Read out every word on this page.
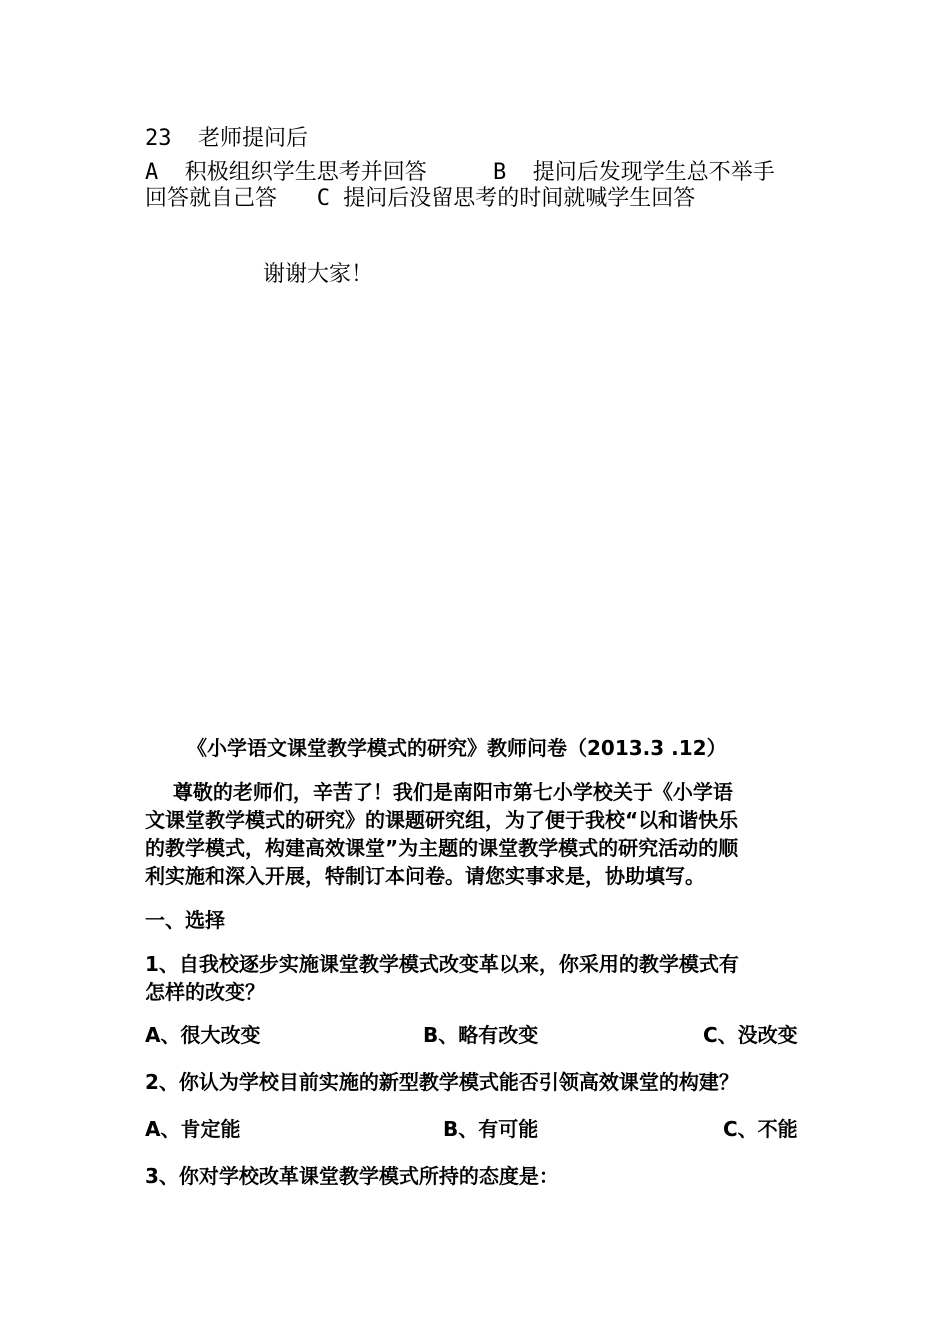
23  老师提问后
A  积极组织学生思考并回答     B  提问后发现学生总不举手
回答就自己答   C 提问后没留思考的时间就喊学生回答
谢谢大家！
《小学语文课堂教学模式的研究》教师问卷（2013.3 .12）
尊敬的老师们，辛苦了！我们是南阳市第七小学校关于《小学语
文课堂教学模式的研究》的课题研究组，为了便于我校“以和谐快乐
的教学模式，构建高效课堂”为主题的课堂教学模式的研究活动的顺
利实施和深入开展，特制订本问卷。请您实事求是，协助填写。
一、选择
1、自我校逐步实施课堂教学模式改变革以来，你采用的教学模式有
怎样的改变？
A、很大改变	B、略有改变	C、没改变
2、你认为学校目前实施的新型教学模式能否引领高效课堂的构建？
A、肯定能	B、有可能	C、不能
3、你对学校改革课堂教学模式所持的态度是：
